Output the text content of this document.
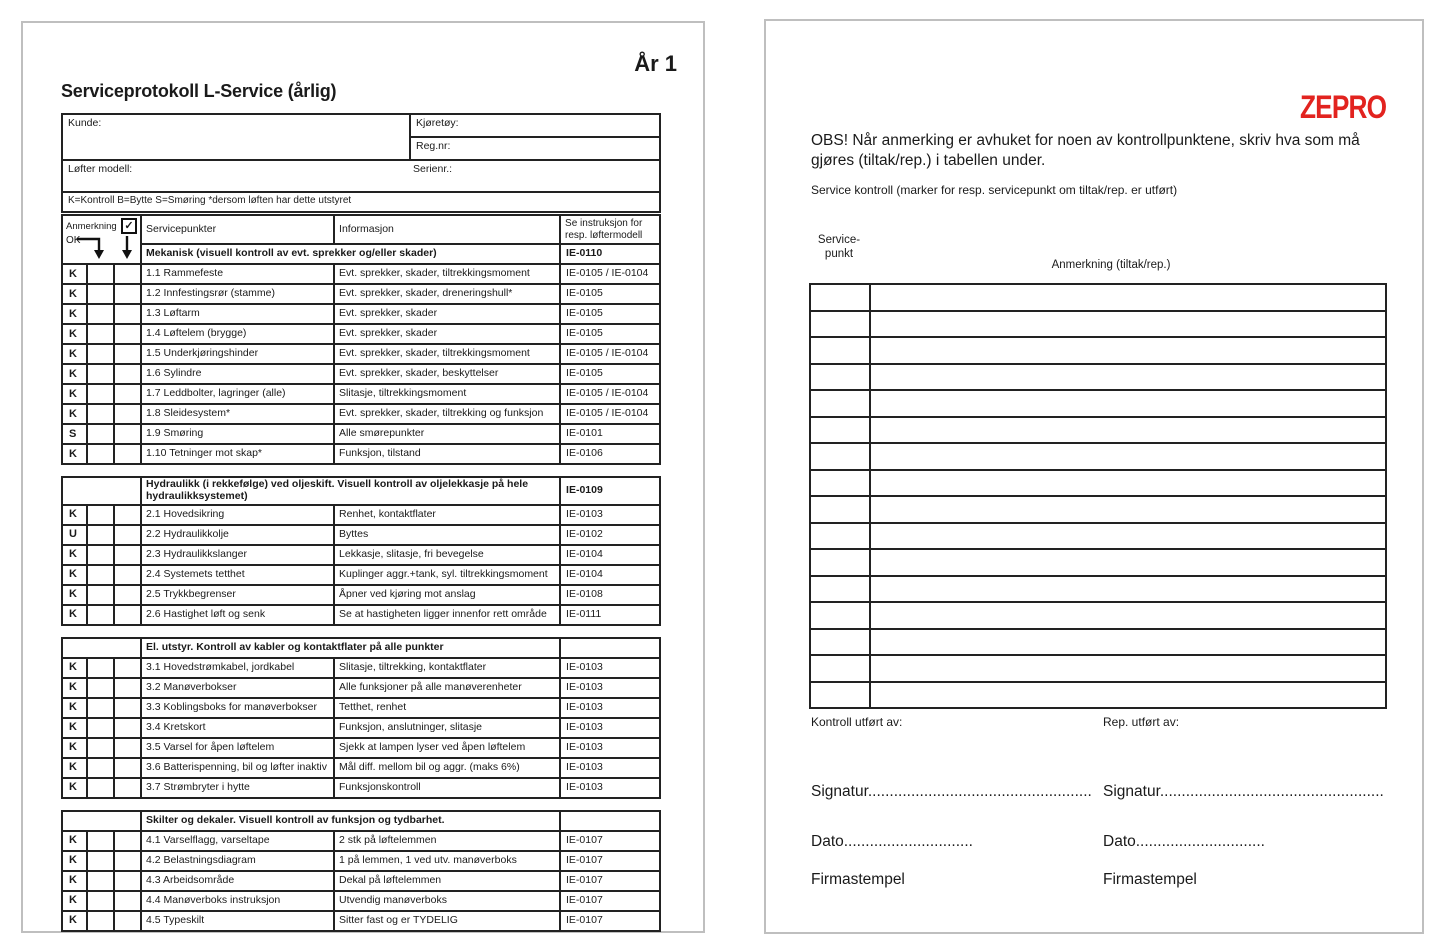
År 1
Serviceprotokoll L-Service (årlig)
Kunde:	Kjøretøy:
Reg.nr:
Løfter modell:	Serienr.:

K=Kontroll B=Bytte S=Smøring *dersom løften har dette utstyret
Anmerkning
OK
✓			Servicepunkter	Informasjon	Se instruksjon for resp. løftermodell
			Mekanisk (visuell kontroll av evt. sprekker og/eller skader)		IE-0110
K			1.1 Rammefeste	Evt. sprekker, skader, tiltrekkingsmoment	IE-0105 / IE-0104
K			1.2 Innfestingsrør (stamme)	Evt. sprekker, skader, dreneringshull*	IE-0105
K			1.3 Løftarm	Evt. sprekker, skader	IE-0105
K			1.4 Løftelem (brygge)	Evt. sprekker, skader	IE-0105
K			1.5 Underkjøringshinder	Evt. sprekker, skader, tiltrekkingsmoment	IE-0105 / IE-0104
K			1.6 Sylindre	Evt. sprekker, skader, beskyttelser	IE-0105
K			1.7 Leddbolter, lagringer (alle)	Slitasje, tiltrekkingsmoment	IE-0105 / IE-0104
K			1.8 Sleidesystem*	Evt. sprekker, skader, tiltrekking og funksjon	IE-0105 / IE-0104
S			1.9 Smøring	Alle smørepunkter	IE-0101
K			1.10 Tetninger mot skap*	Funksjon, tilstand	IE-0106
			Hydraulikk (i rekkefølge) ved oljeskift. Visuell kontroll av oljelekkasje på hele hydraulikksystemet)		IE-0109
K			2.1 Hovedsikring	Renhet, kontaktflater	IE-0103
U			2.2 Hydraulikkolje	Byttes	IE-0102
K			2.3 Hydraulikkslanger	Lekkasje, slitasje, fri bevegelse	IE-0104
K			2.4 Systemets tetthet	Kuplinger aggr.+tank, syl. tiltrekkingsmoment	IE-0104
K			2.5 Trykkbegrenser	Åpner ved kjøring mot anslag	IE-0108
K			2.6 Hastighet løft og senk	Se at hastigheten ligger innenfor rett område	IE-0111
			El. utstyr. Kontroll av kabler og kontaktflater på alle punkter		
K			3.1 Hovedstrømkabel, jordkabel	Slitasje, tiltrekking, kontaktflater	IE-0103
K			3.2 Manøverbokser	Alle funksjoner på alle manøverenheter	IE-0103
K			3.3 Koblingsboks for manøverbokser	Tetthet, renhet	IE-0103
K			3.4 Kretskort	Funksjon, anslutninger, slitasje	IE-0103
K			3.5 Varsel for åpen løftelem	Sjekk at lampen lyser ved åpen løftelem	IE-0103
K			3.6 Batterispenning, bil og løfter inaktiv	Mål diff. mellom bil og aggr. (maks 6%)	IE-0103
K			3.7 Strømbryter i hytte	Funksjonskontroll	IE-0103
			Skilter og dekaler. Visuell kontroll av funksjon og tydbarhet.		
K			4.1 Varselflagg, varseltape	2 stk på løftelemmen	IE-0107
K			4.2 Belastningsdiagram	1 på lemmen, 1 ved utv. manøverboks	IE-0107
K			4.3 Arbeidsområde	Dekal på løftelemmen	IE-0107
K			4.4 Manøverboks instruksjon	Utvendig manøverboks	IE-0107
K			4.5 Typeskilt	Sitter fast og er TYDELIG	IE-0107
ZEPRO
OBS! Når anmerking er avhuket for noen av kontrollpunktene, skriv hva som må gjøres (tiltak/rep.) i tabellen under.
Service kontroll (marker for resp. servicepunkt om tiltak/rep. er utført)
Service-
punkt
Anmerkning (tiltak/rep.)

Kontroll utført av:	Rep. utført av:
Signatur.................................................... Signatur....................................................
Dato..............................	Dato..............................
Firmastempel	Firmastempel
